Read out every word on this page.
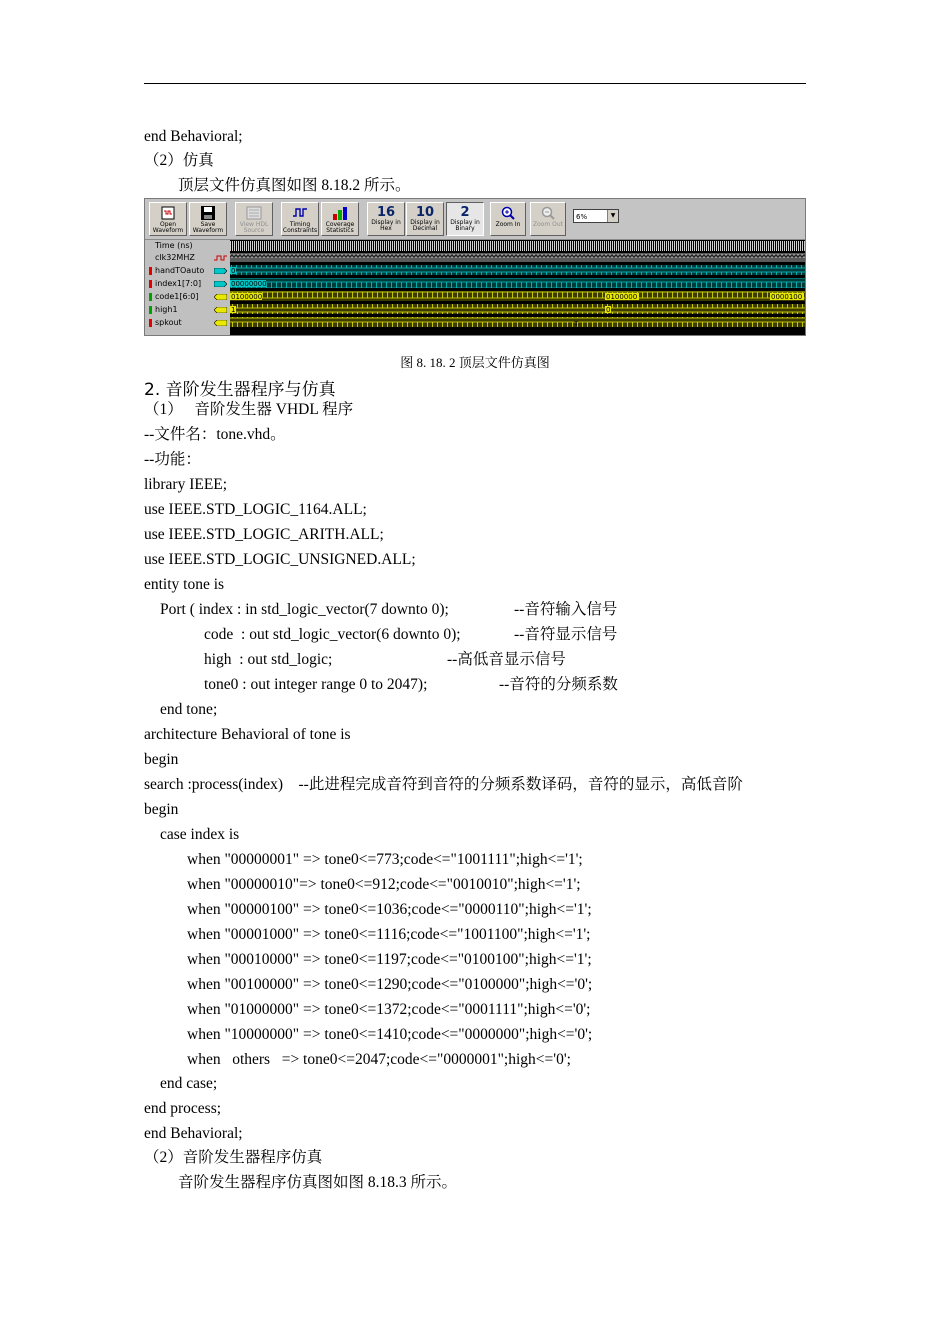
end Behavioral;
（2）仿真
顶层文件仿真图如图 8.18.2 所示。
Open Waveform
Save Waveform
View HDL Source
Timing Constraints
Coverage Statistics
16
Display in Hex
10
Display in Decimal
2
Display in Binary
Zoom In	Zoom Out
6%	▼
Time (ns)
clk32MHZ
handTOauto
index1[7:0]
code1[6:0]
high1
spkout
0
00000000
0100000	0100000	0000100
1	0
T
图 8. 18. 2 顶层文件仿真图
2. 音阶发生器程序与仿真
（1）   音阶发生器 VHDL 程序
--文件名：tone.vhd。
--功能：
library IEEE;
use IEEE.STD_LOGIC_1164.ALL;
use IEEE.STD_LOGIC_ARITH.ALL;
use IEEE.STD_LOGIC_UNSIGNED.ALL;
entity tone is
Port ( index : in std_logic_vector(7 downto 0);	--音符输入信号
code  : out std_logic_vector(6 downto 0);	--音符显示信号
high  : out std_logic;	--高低音显示信号
tone0 : out integer range 0 to 2047);	--音符的分频系数
end tone;
architecture Behavioral of tone is
begin
search :process(index)    --此进程完成音符到音符的分频系数译码，音符的显示，高低音阶
begin
case index is
when "00000001" => tone0<=773;code<="1001111";high<='1';
when "00000010"=> tone0<=912;code<="0010010";high<='1';
when "00000100" => tone0<=1036;code<="0000110";high<='1';
when "00001000" => tone0<=1116;code<="1001100";high<='1';
when "00010000" => tone0<=1197;code<="0100100";high<='1';
when "00100000" => tone0<=1290;code<="0100000";high<='0';
when "01000000" => tone0<=1372;code<="0001111";high<='0';
when "10000000" => tone0<=1410;code<="0000000";high<='0';
when   others   => tone0<=2047;code<="0000001";high<='0';
end case;
end process;
end Behavioral;
（2）音阶发生器程序仿真
音阶发生器程序仿真图如图 8.18.3 所示。
